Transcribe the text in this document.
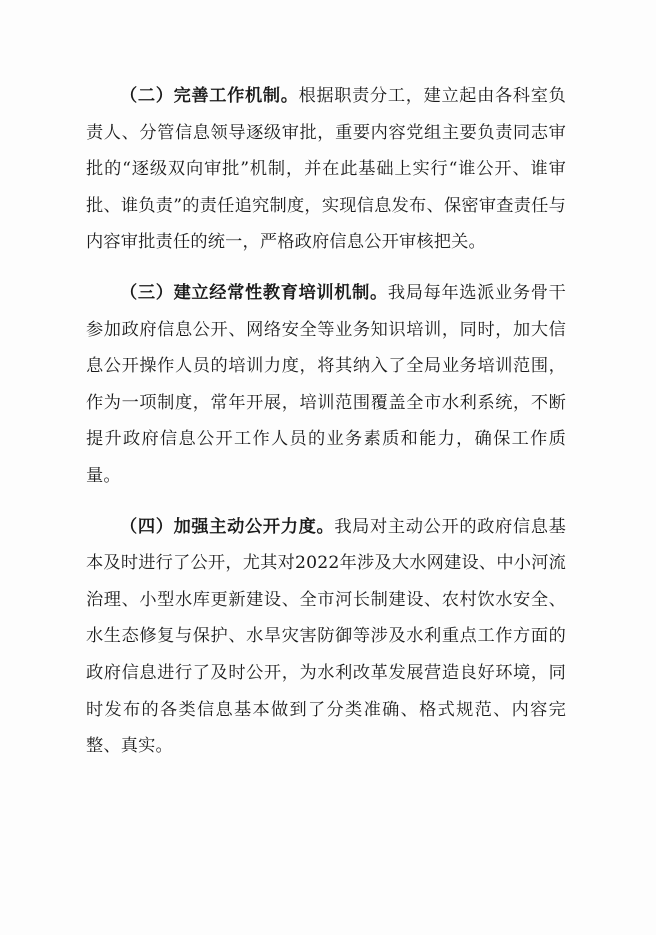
（二）完善工作机制。根据职责分工，建立起由各科室负责人、分管信息领导逐级审批，重要内容党组主要负责同志审批的“逐级双向审批”机制，并在此基础上实行“谁公开、谁审批、谁负责”的责任追究制度，实现信息发布、保密审查责任与内容审批责任的统一，严格政府信息公开审核把关。

（三）建立经常性教育培训机制。我局每年选派业务骨干参加政府信息公开、网络安全等业务知识培训，同时，加大信息公开操作人员的培训力度，将其纳入了全局业务培训范围，作为一项制度，常年开展，培训范围覆盖全市水利系统，不断提升政府信息公开工作人员的业务素质和能力，确保工作质量。

（四）加强主动公开力度。我局对主动公开的政府信息基本及时进行了公开，尤其对2022年涉及大水网建设、中小河流治理、小型水库更新建设、全市河长制建设、农村饮水安全、水生态修复与保护、水旱灾害防御等涉及水利重点工作方面的政府信息进行了及时公开，为水利改革发展营造良好环境，同时发布的各类信息基本做到了分类准确、格式规范、内容完整、真实。
